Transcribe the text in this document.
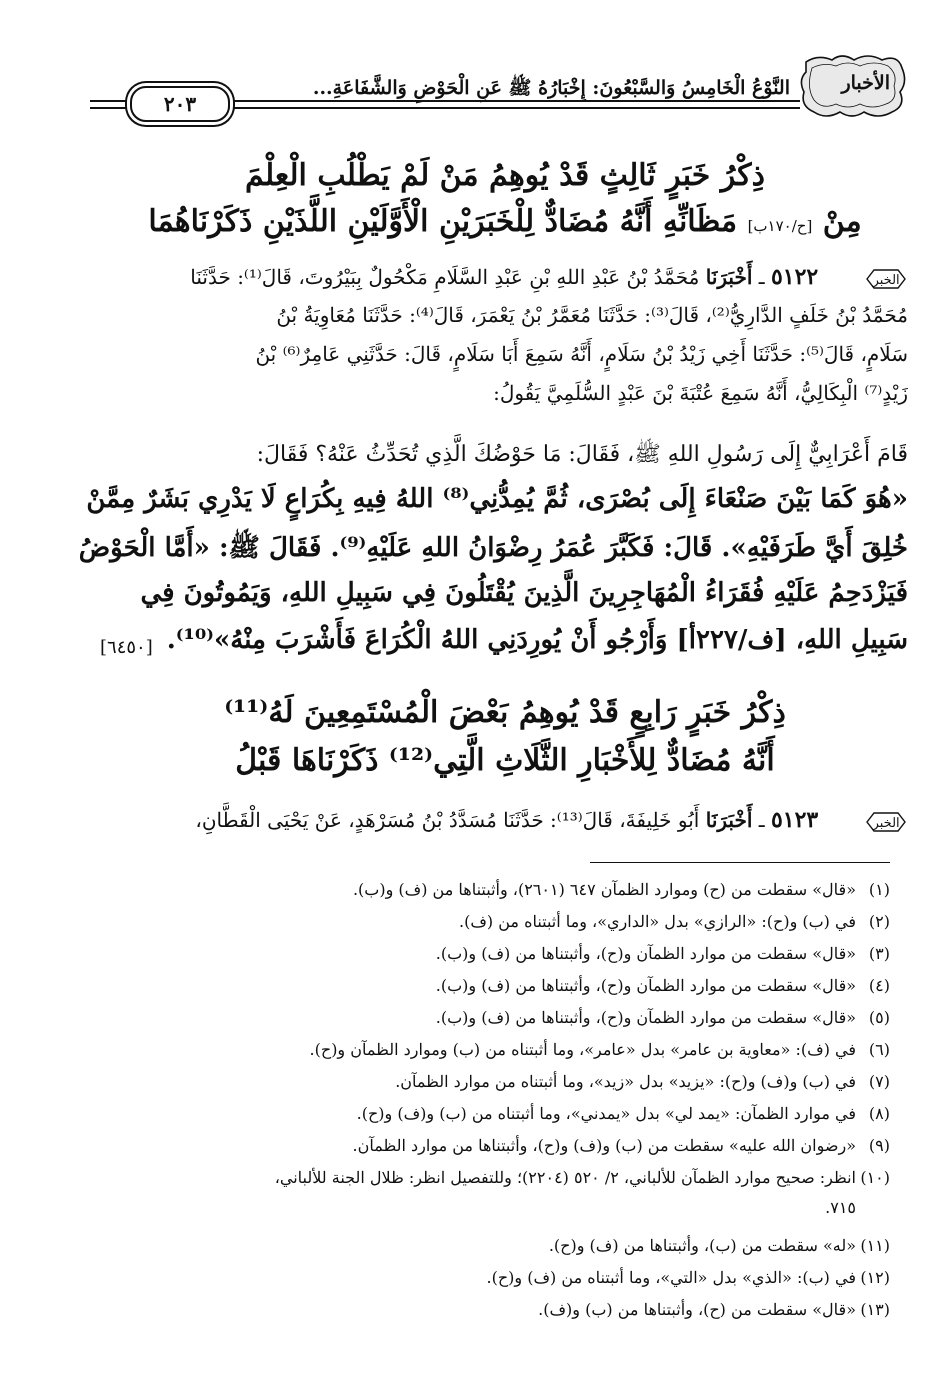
الأخبار
النَّوْعُ الْخَامِسُ وَالسَّبْعُونَ: إِخْبَارُهُ ﷺ عَنِ الْحَوْضِ وَالشَّفَاعَةِ...
٢٠٣
ذِكْرُ خَبَرٍ ثَالِثٍ قَدْ يُوهِمُ مَنْ لَمْ يَطْلُبِ الْعِلْمَ
مِنْ [ح/١٧٠ب] مَظَانِّهِ أَنَّهُ مُضَادٌّ لِلْخَبَرَيْنِ الْأَوَّلَيْنِ اللَّذَيْنِ ذَكَرْنَاهُمَا
الخبر ٥١٢٢ ـ أَخْبَرَنَا مُحَمَّدُ بْنُ عَبْدِ اللهِ بْنِ عَبْدِ السَّلَامِ مَكْحُولٌ بِبَيْرُوتَ، قَالَ⁽¹⁾: حَدَّثَنَا
مُحَمَّدُ بْنُ خَلَفٍ الدَّارِيُّ⁽²⁾، قَالَ⁽³⁾: حَدَّثَنَا مُعَمَّرُ بْنُ يَعْمَرَ، قَالَ⁽⁴⁾: حَدَّثَنَا مُعَاوِيَةُ بْنُ
سَلَامٍ، قَالَ⁽⁵⁾: حَدَّثَنَا أَخِي زَيْدُ بْنُ سَلَامٍ، أَنَّهُ سَمِعَ أَبَا سَلَامٍ، قَالَ: حَدَّثَنِي عَامِرٌ⁽⁶⁾ بْنُ
زَيْدٍ⁽⁷⁾ الْبِكَالِيُّ، أَنَّهُ سَمِعَ عُتْبَةَ بْنَ عَبْدٍ السُّلَمِيَّ يَقُولُ:
قَامَ أَعْرَابِيٌّ إِلَى رَسُولِ اللهِ ﷺ، فَقَالَ: مَا حَوْضُكَ الَّذِي تُحَدِّثُ عَنْهُ؟ فَقَالَ:
«هُوَ كَمَا بَيْنَ صَنْعَاءَ إِلَى بُصْرَى، ثُمَّ يُمِدُّنِي⁽⁸⁾ اللهُ فِيهِ بِكُرَاعٍ لَا يَدْرِي بَشَرٌ مِمَّنْ
خُلِقَ أَيَّ طَرَفَيْهِ». قَالَ: فَكَبَّرَ عُمَرُ رِضْوَانُ اللهِ عَلَيْهِ⁽⁹⁾. فَقَالَ ﷺ: «أَمَّا الْحَوْضُ
فَيَزْدَحِمُ عَلَيْهِ فُقَرَاءُ الْمُهَاجِرِينَ الَّذِينَ يُقْتَلُونَ فِي سَبِيلِ اللهِ، وَيَمُوتُونَ فِي
سَبِيلِ اللهِ، [ف/٢٢٧أ] وَأَرْجُو أَنْ يُورِدَنِي اللهُ الْكُرَاعَ فَأَشْرَبَ مِنْهُ»⁽¹⁰⁾.
[٦٤٥٠]
ذِكْرُ خَبَرٍ رَابِعٍ قَدْ يُوهِمُ بَعْضَ الْمُسْتَمِعِينَ لَهُ⁽¹¹⁾
أَنَّهُ مُضَادٌّ لِلأَخْبَارِ الثَّلَاثِ الَّتِي⁽¹²⁾ ذَكَرْنَاهَا قَبْلُ
الخبر ٥١٢٣ ـ أَخْبَرَنَا أَبُو خَلِيفَةَ، قَالَ⁽¹³⁾: حَدَّثَنَا مُسَدَّدُ بْنُ مُسَرْهَدٍ، عَنْ يَحْيَى الْقَطَّانِ،
(١)«قال» سقطت من (ح) وموارد الظمآن ٦٤٧ (٢٦٠١)، وأثبتناها من (ف) و(ب).
(٢)في (ب) و(ح): «الرازي» بدل «الداري»، وما أثبتناه من (ف).
(٣)«قال» سقطت من موارد الظمآن و(ح)، وأثبتناها من (ف) و(ب).
(٤)«قال» سقطت من موارد الظمآن و(ح)، وأثبتناها من (ف) و(ب).
(٥)«قال» سقطت من موارد الظمآن و(ح)، وأثبتناها من (ف) و(ب).
(٦)في (ف): «معاوية بن عامر» بدل «عامر»، وما أثبتناه من (ب) وموارد الظمآن و(ح).
(٧)في (ب) و(ف) و(ح): «يزيد» بدل «زيد»، وما أثبتناه من موارد الظمآن.
(٨)في موارد الظمآن: «يمد لي» بدل «يمدني»، وما أثبتناه من (ب) و(ف) و(ح).
(٩)«رضوان الله عليه» سقطت من (ب) و(ف) و(ح)، وأثبتناها من موارد الظمآن.
(١٠)انظر: صحيح موارد الظمآن للألباني، ٢/ ٥٢٠ (٢٢٠٤)؛ وللتفصيل انظر: ظلال الجنة للألباني،
٧١٥.
(١١)«له» سقطت من (ب)، وأثبتناها من (ف) و(ح).
(١٢)في (ب): «الذي» بدل «التي»، وما أثبتناه من (ف) و(ح).
(١٣)«قال» سقطت من (ح)، وأثبتناها من (ب) و(ف).
